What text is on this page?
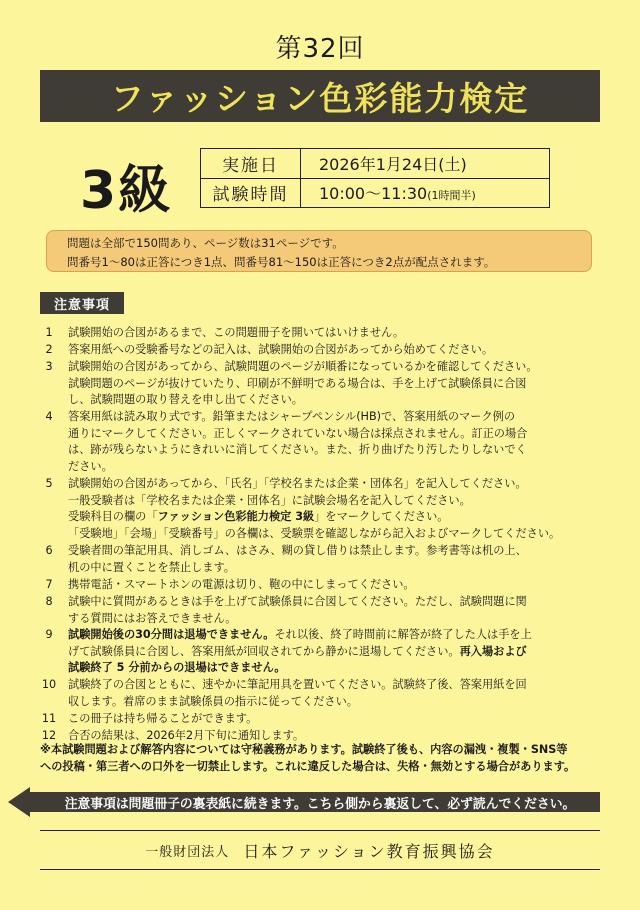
第32回
ファッション色彩能力検定
3級	実施日	2026年1月24日(土)
試験時間	10:00〜11:30(1時間半)
問題は全部で150問あり、ページ数は31ページです。
問番号1〜80は正答につき1点、問番号81〜150は正答につき2点が配点されます。
注意事項
1	試験開始の合図があるまで、この問題冊子を開いてはいけません。
2	答案用紙への受験番号などの記入は、試験開始の合図があってから始めてください。
3	試験開始の合図があってから、試験問題のページが順番になっているかを確認してください。
試験問題のページが抜けていたり、印刷が不鮮明である場合は、手を上げて試験係員に合図
し、試験問題の取り替えを申し出てください。
4	答案用紙は読み取り式です。鉛筆またはシャープペンシル(HB)で、答案用紙のマーク例の
通りにマークしてください。正しくマークされていない場合は採点されません。訂正の場合
は、跡が残らないようにきれいに消してください。また、折り曲げたり汚したりしないでく
ださい。
5	試験開始の合図があってから、「氏名」「学校名または企業・団体名」を記入してください。
一般受験者は「学校名または企業・団体名」に試験会場名を記入してください。
受験科目の欄の「ファッション色彩能力検定 3級」をマークしてください。
「受験地」「会場」「受験番号」の各欄は、受験票を確認しながら記入およびマークしてください。
6	受験者間の筆記用具、消しゴム、はさみ、糊の貸し借りは禁止します。参考書等は机の上、
机の中に置くことを禁止します。
7	携帯電話・スマートホンの電源は切り、鞄の中にしまってください。
8	試験中に質問があるときは手を上げて試験係員に合図してください。ただし、試験問題に関
する質問にはお答えできません。
9	試験開始後の30分間は退場できません。それ以後、終了時間前に解答が終了した人は手を上
げて試験係員に合図し、答案用紙が回収されてから静かに退場してください。再入場および
試験終了 5 分前からの退場はできません。
10 試験終了の合図とともに、速やかに筆記用具を置いてください。試験終了後、答案用紙を回
収します。着席のまま試験係員の指示に従ってください。
11 この冊子は持ち帰ることができます。
12 合否の結果は、2026年2月下旬に通知します。
※本試験問題および解答内容については守秘義務があります。試験終了後も、内容の漏洩・複製・SNS等
への投稿・第三者への口外を一切禁止します。これに違反した場合は、失格・無効とする場合があります。
注意事項は問題冊子の裏表紙に続きます。こちら側から裏返して、必ず読んでください。
一般財団法人 日本ファッション教育振興協会
